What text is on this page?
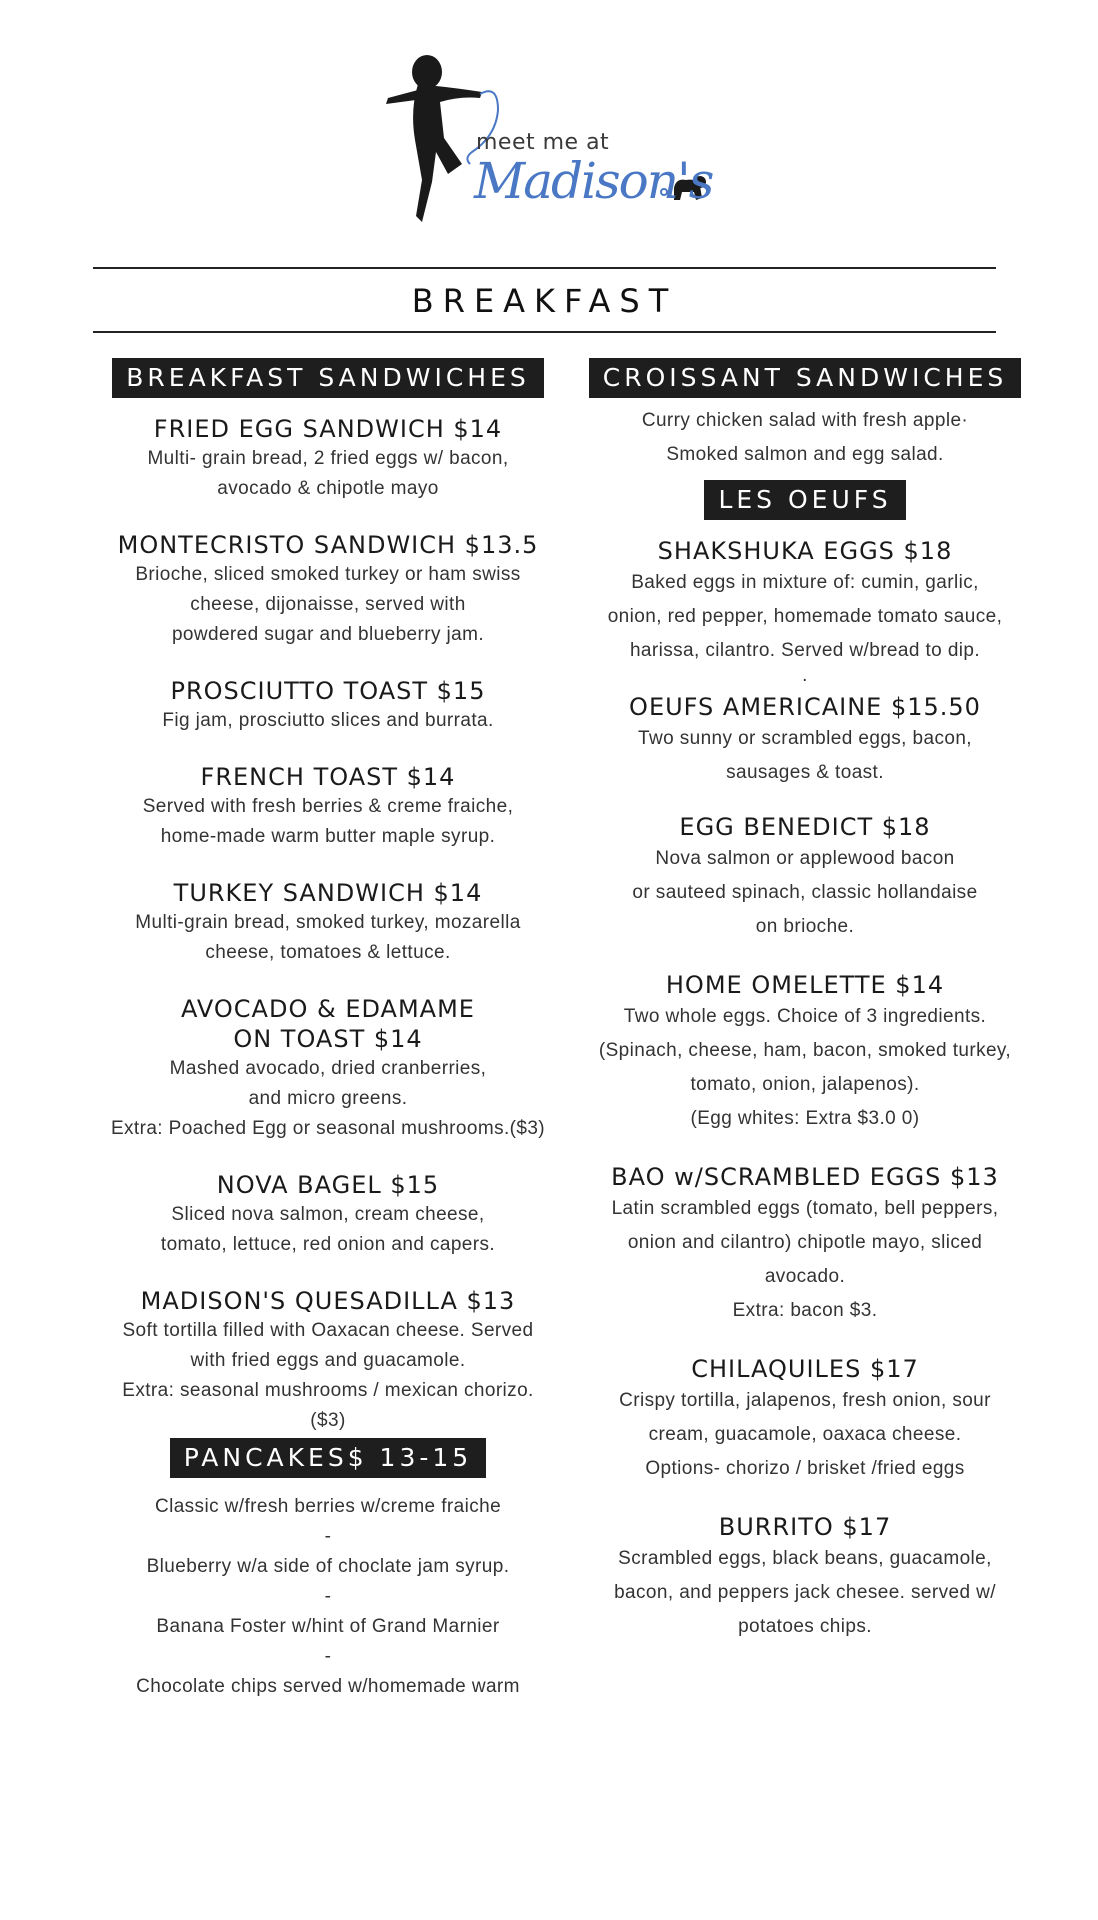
meet me at
Madison's
BREAKFAST
BREAKFAST SANDWICHES
FRIED EGG SANDWICH $14
Multi- grain bread, 2 fried eggs w/ bacon,
avocado & chipotle mayo
MONTECRISTO SANDWICH $13.5
Brioche, sliced smoked turkey or ham swiss
cheese, dijonaisse, served with
powdered sugar and blueberry jam.
PROSCIUTTO TOAST $15
Fig jam, prosciutto slices and burrata.
FRENCH TOAST $14
Served with fresh berries & creme fraiche,
home-made warm butter maple syrup.
TURKEY SANDWICH $14
Multi-grain bread, smoked turkey, mozarella
cheese, tomatoes & lettuce.
AVOCADO & EDAMAME
ON TOAST $14
Mashed avocado, dried cranberries,
and micro greens.
Extra: Poached Egg or seasonal mushrooms.($3)
NOVA BAGEL $15
Sliced nova salmon, cream cheese,
tomato, lettuce, red onion and capers.
MADISON'S QUESADILLA $13
Soft tortilla filled with Oaxacan cheese. Served
with fried eggs and guacamole.
Extra: seasonal mushrooms / mexican chorizo.
($3)
PANCAKES$ 13-15
Classic w/fresh berries w/creme fraiche
-
Blueberry w/a side of choclate jam syrup.
-
Banana Foster w/hint of Grand Marnier
-
Chocolate chips served w/homemade warm
CROISSANT SANDWICHES
Curry chicken salad with fresh apple·
Smoked salmon and egg salad.
LES OEUFS
SHAKSHUKA EGGS $18
Baked eggs in mixture of: cumin, garlic,
onion, red pepper, homemade tomato sauce,
harissa, cilantro. Served w/bread to dip.
.
OEUFS AMERICAINE $15.50
Two sunny or scrambled eggs, bacon,
sausages & toast.
EGG BENEDICT $18
Nova salmon or applewood bacon
or sauteed spinach, classic hollandaise
on brioche.
HOME OMELETTE $14
Two whole eggs. Choice of 3 ingredients.
(Spinach, cheese, ham, bacon, smoked turkey,
tomato, onion, jalapenos).
(Egg whites: Extra $3.0 0)
BAO w/SCRAMBLED EGGS $13
Latin scrambled eggs (tomato, bell peppers,
onion and cilantro) chipotle mayo, sliced
avocado.
Extra: bacon $3.
CHILAQUILES $17
Crispy tortilla, jalapenos, fresh onion, sour
cream, guacamole, oaxaca cheese.
Options- chorizo / brisket /fried eggs
BURRITO $17
Scrambled eggs, black beans, guacamole,
bacon, and peppers jack chesee. served w/
potatoes chips.
